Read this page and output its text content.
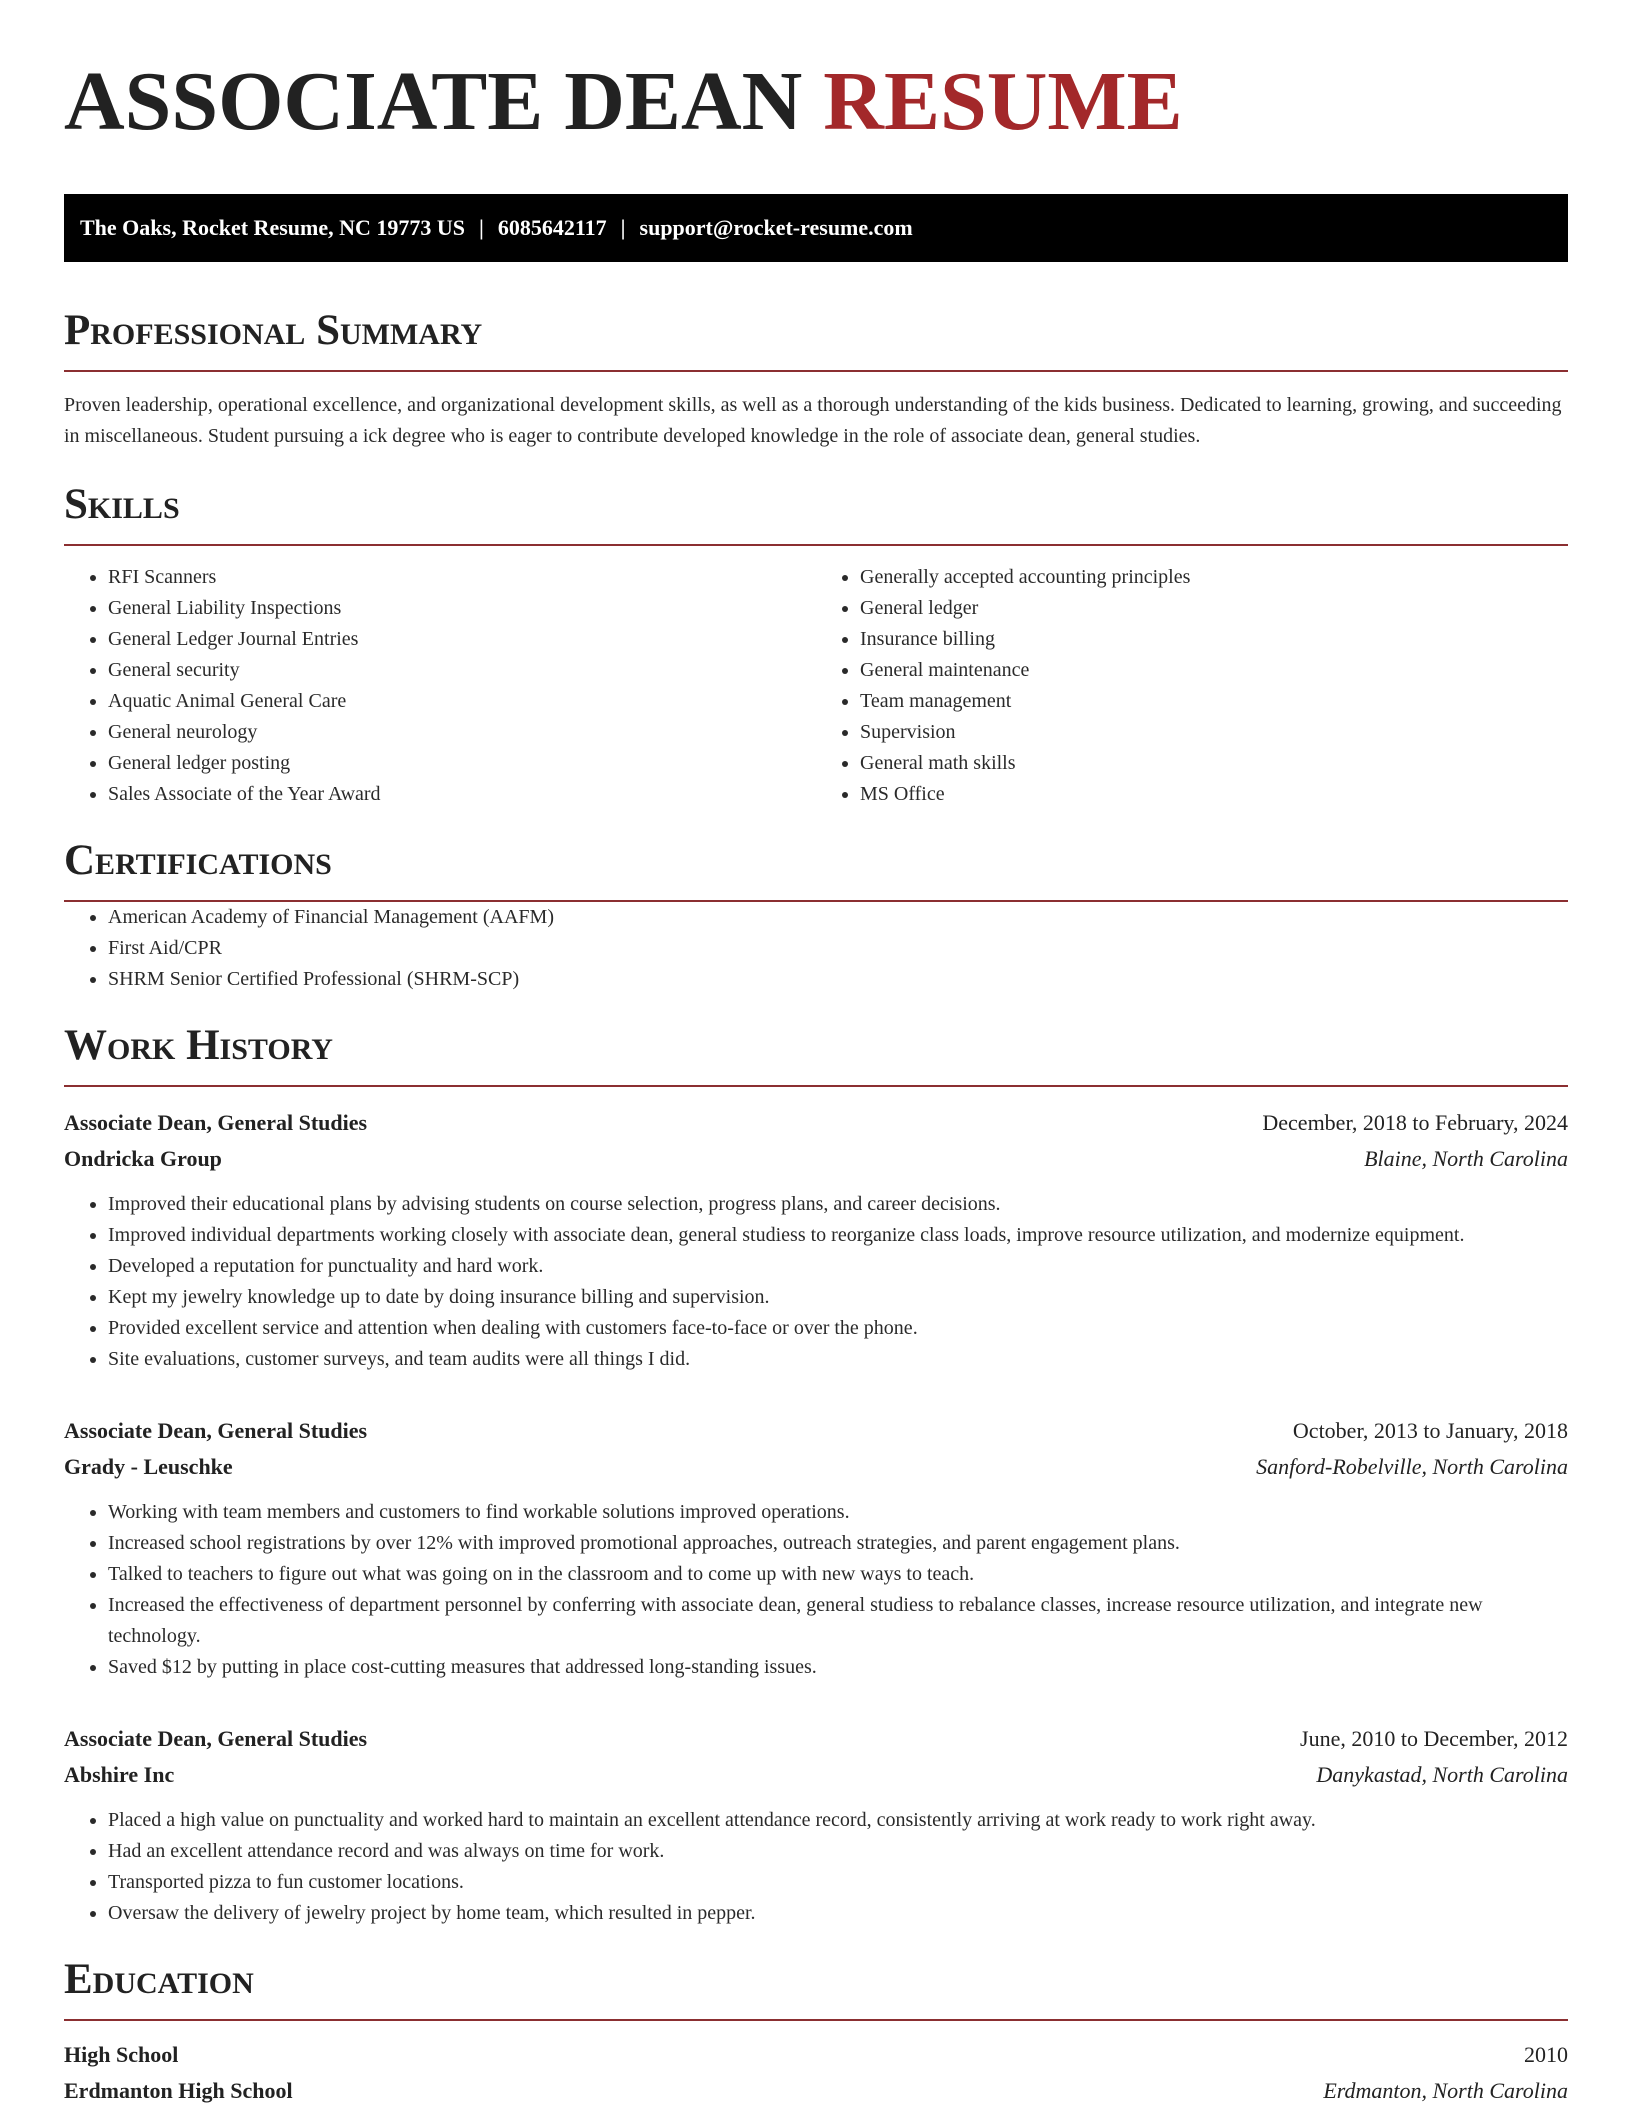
ASSOCIATE DEAN RESUME
The Oaks, Rocket Resume, NC 19773 US | 6085642117 | support@rocket-resume.com
Professional Summary

Proven leadership, operational excellence, and organizational development skills, as well as a thorough understanding of the kids business. Dedicated to learning, growing, and succeeding in miscellaneous. Student pursuing a ick degree who is eager to contribute developed knowledge in the role of associate dean, general studies.

Skills
• RFI Scanners
• General Liability Inspections
• General Ledger Journal Entries
• General security
• Aquatic Animal General Care
• General neurology
• General ledger posting
• Sales Associate of the Year Award
• Generally accepted accounting principles
• General ledger
• Insurance billing
• General maintenance
• Team management
• Supervision
• General math skills
• MS Office
Certifications
• American Academy of Financial Management (AAFM)
• First Aid/CPR
• SHRM Senior Certified Professional (SHRM-SCP)
Work History
Associate Dean, General Studies	December, 2018 to February, 2024
Ondricka Group	Blaine, North Carolina
• Improved their educational plans by advising students on course selection, progress plans, and career decisions.
• Improved individual departments working closely with associate dean, general studiess to reorganize class loads, improve resource utilization, and modernize equipment.
• Developed a reputation for punctuality and hard work.
• Kept my jewelry knowledge up to date by doing insurance billing and supervision.
• Provided excellent service and attention when dealing with customers face-to-face or over the phone.
• Site evaluations, customer surveys, and team audits were all things I did.
Associate Dean, General Studies	October, 2013 to January, 2018
Grady - Leuschke	Sanford-Robelville, North Carolina
• Working with team members and customers to find workable solutions improved operations.
• Increased school registrations by over 12% with improved promotional approaches, outreach strategies, and parent engagement plans.
• Talked to teachers to figure out what was going on in the classroom and to come up with new ways to teach.
• Increased the effectiveness of department personnel by conferring with associate dean, general studiess to rebalance classes, increase resource utilization, and integrate new technology.
• Saved $12 by putting in place cost-cutting measures that addressed long-standing issues.
Associate Dean, General Studies	June, 2010 to December, 2012
Abshire Inc	Danykastad, North Carolina
• Placed a high value on punctuality and worked hard to maintain an excellent attendance record, consistently arriving at work ready to work right away.
• Had an excellent attendance record and was always on time for work.
• Transported pizza to fun customer locations.
• Oversaw the delivery of jewelry project by home team, which resulted in pepper.
Education
High School	2010
Erdmanton High School	Erdmanton, North Carolina
